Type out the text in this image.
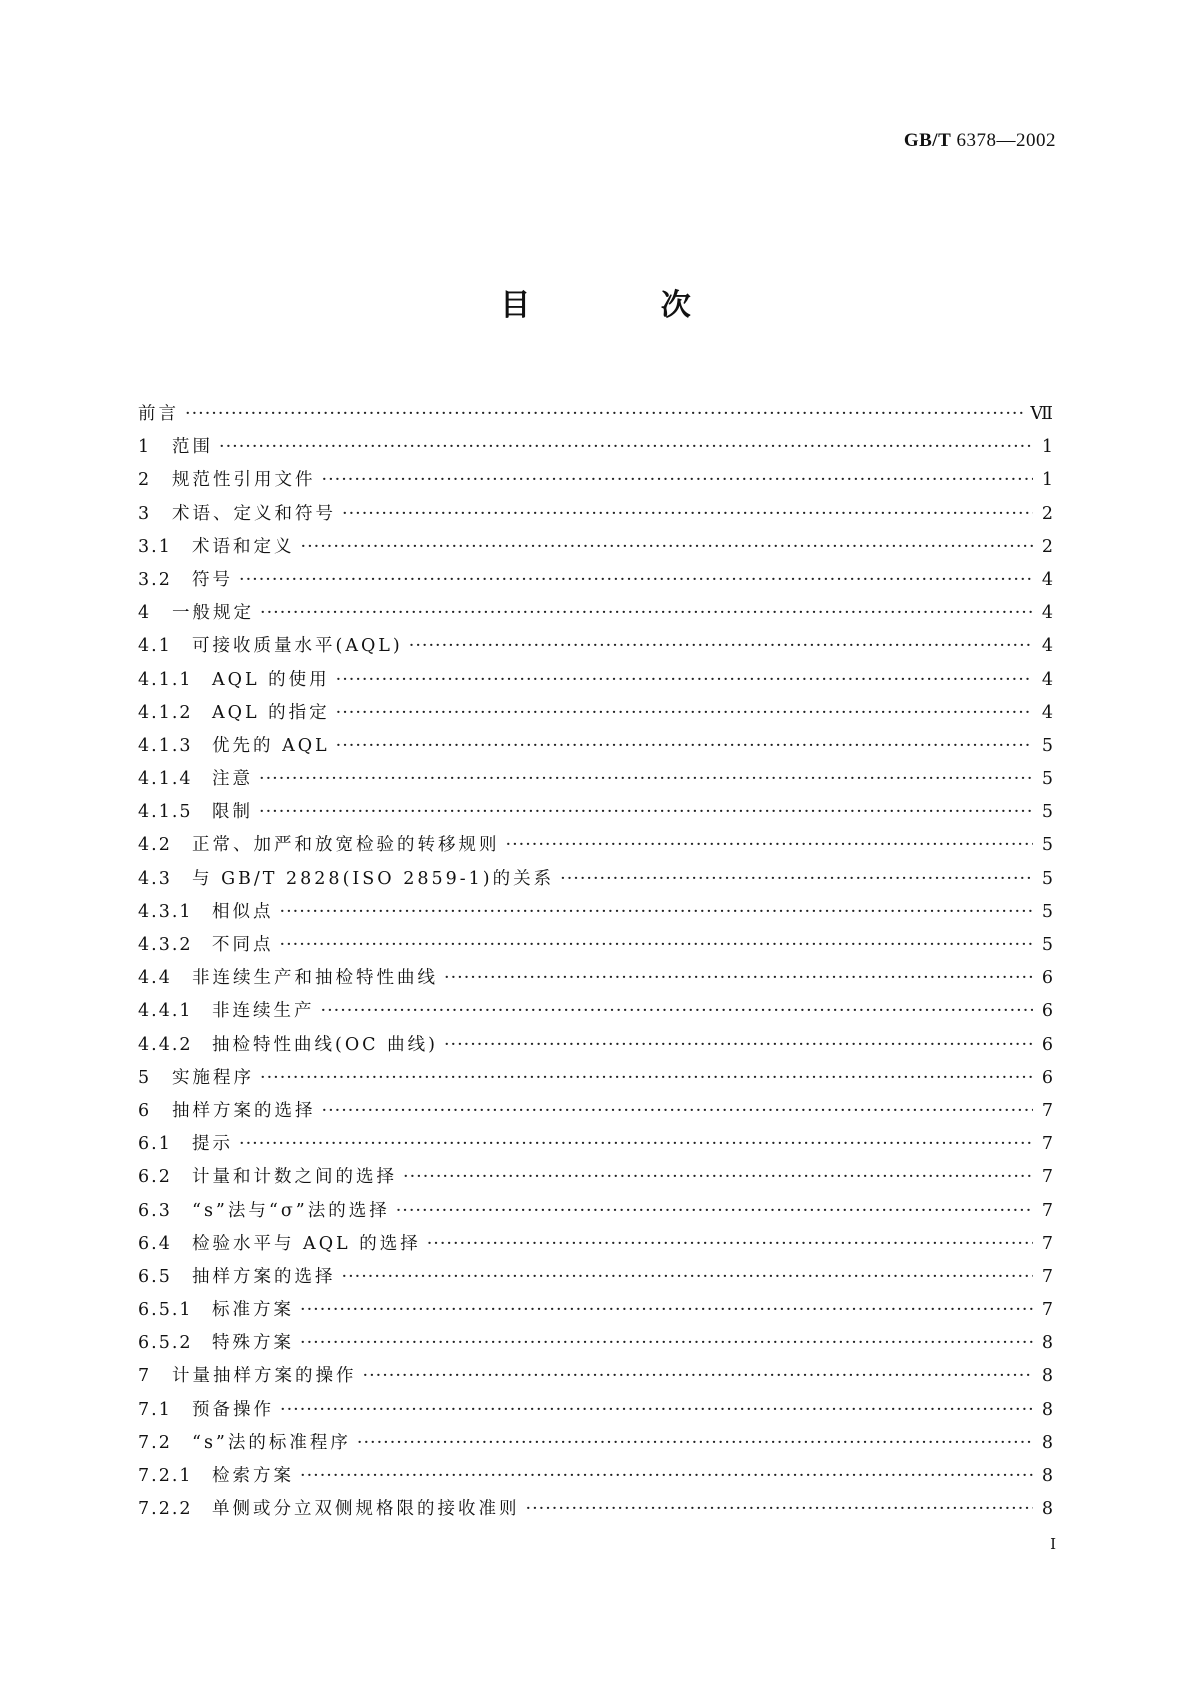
GB/T 6378—2002
目 次
前言 ·····	Ⅶ
1	范围 ·····	1
2	规范性引用文件 ·····	1
3	术语、定义和符号 ·····	2
3.1	术语和定义 ·····	2
3.2	符号 ·····	4
4	一般规定 ·····	4
4.1	可接收质量水平(AQL) ·····	4
4.1.1	AQL 的使用 ·····	4
4.1.2	AQL 的指定 ·····	4
4.1.3	优先的 AQL ·····	5
4.1.4	注意 ·····	5
4.1.5	限制 ·····	5
4.2	正常、加严和放宽检验的转移规则 ·····	5
4.3	与 GB/T 2828(ISO 2859-1)的关系 ·····	5
4.3.1	相似点 ·····	5
4.3.2	不同点 ·····	5
4.4	非连续生产和抽检特性曲线 ·····	6
4.4.1	非连续生产 ·····	6
4.4.2	抽检特性曲线(OC 曲线) ·····	6
5	实施程序 ·····	6
6	抽样方案的选择 ·····	7
6.1	提示 ·····	7
6.2	计量和计数之间的选择 ·····	7
6.3	“s”法与“σ”法的选择 ·····	7
6.4	检验水平与 AQL 的选择 ·····	7
6.5	抽样方案的选择 ·····	7
6.5.1	标准方案 ·····	7
6.5.2	特殊方案 ·····	8
7	计量抽样方案的操作 ·····	8
7.1	预备操作 ·····	8
7.2	“s”法的标准程序 ·····	8
7.2.1	检索方案 ·····	8
7.2.2	单侧或分立双侧规格限的接收准则 ·····	8
I
